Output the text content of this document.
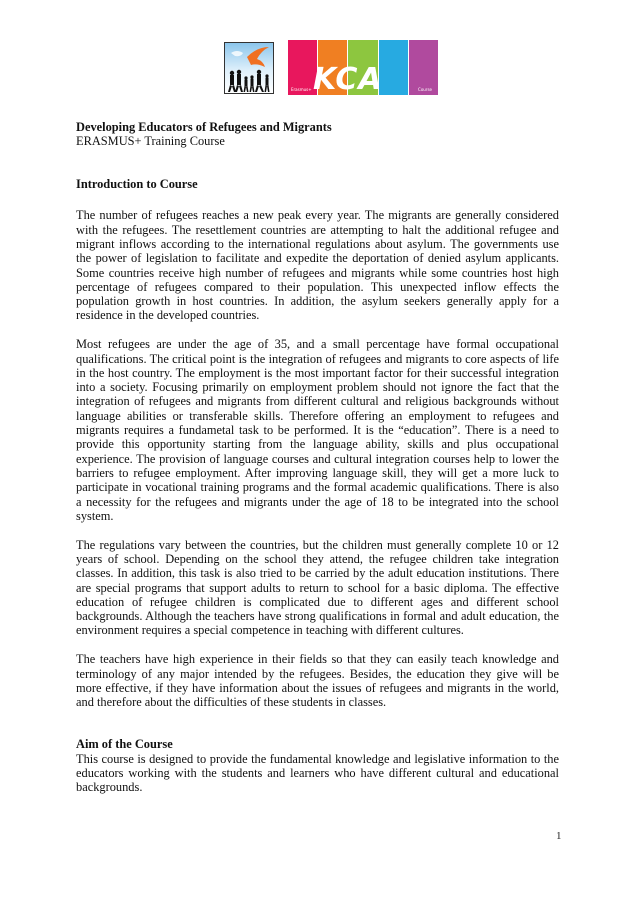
KCA
Erasmus+	Course

Developing Educators of Refugees and Migrants

ERASMUS+ Training Course

Introduction to Course

The number of refugees reaches a new peak every year. The migrants are generally considered with the refugees. The resettlement countries are attempting to halt the additional refugee and migrant inflows according to the international regulations about asylum. The governments use the power of legislation to facilitate and expedite the deportation of denied asylum applicants. Some countries receive high number of refugees and migrants while some countries host high percentage of refugees compared to their population. This unexpected inflow effects the population growth in host countries. In addition, the asylum seekers generally apply for a residence in the developed countries.

Most refugees are under the age of 35, and a small percentage have formal occupational qualifications. The critical point is the integration of refugees and migrants to core aspects of life in the host country. The employment is the most important factor for their successful integration into a society. Focusing primarily on employment problem should not ignore the fact that the integration of refugees and migrants from different cultural and religious backgrounds without language abilities or transferable skills. Therefore offering an employment to refugees and migrants requires a fundametal task to be performed. It is the “education”. There is a need to provide this opportunity starting from the language ability, skills and plus occupational experience. The provision of language courses and cultural integration courses help to lower the barriers to refugee employment. After improving language skill, they will get a more luck to participate in vocational training programs and the formal academic qualifications. There is also a necessity for the refugees and migrants under the age of 18 to be integrated into the school system.

The regulations vary between the countries, but the children must generally complete 10 or 12 years of school. Depending on the school they attend, the refugee children take integration classes. In addition, this task is also tried to be carried by the adult education institutions. There are special programs that support adults to return to school for a basic diploma. The effective education of refugee children is complicated due to different ages and different school backgrounds. Although the teachers have strong qualifications in formal and adult education, the environment requires a special competence in teaching with different cultures.

The teachers have high experience in their fields so that they can easily teach knowledge and terminology of any major intended by the refugees. Besides, the education they give will be more effective, if they have information about the issues of refugees and migrants in the world, and therefore about the difficulties of these students in classes.

Aim of the Course

This course is designed to provide the fundamental knowledge and legislative information to the educators working with the students and learners who have different cultural and educational backgrounds.

1
